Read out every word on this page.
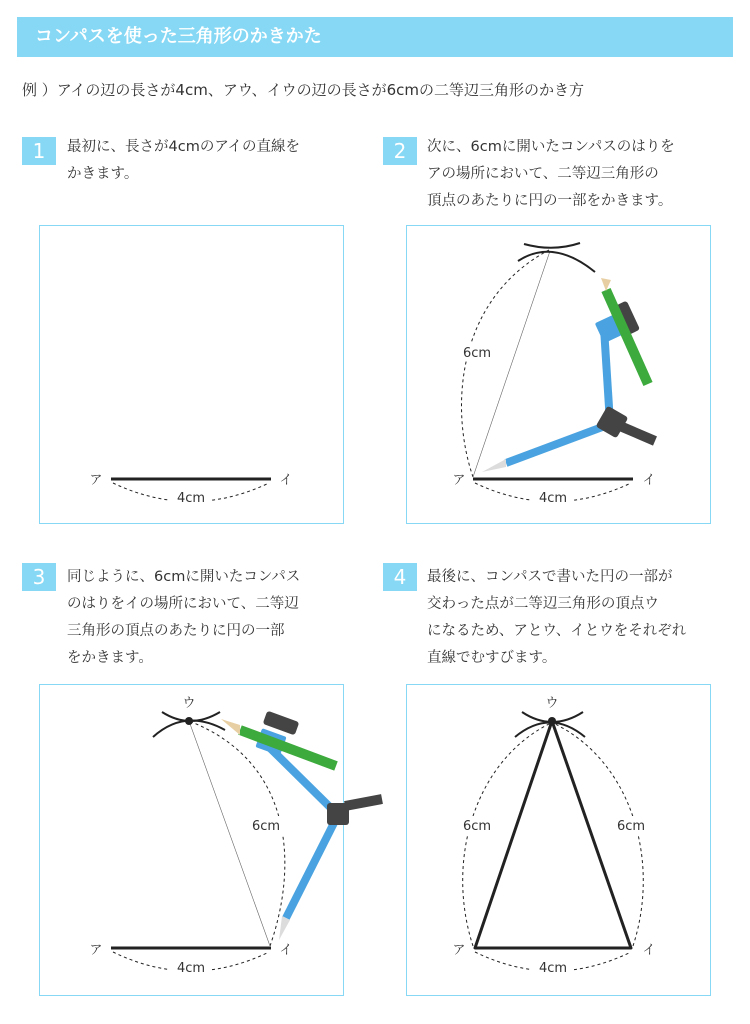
コンパスを使った三角形のかきかた
例 ）アイの辺の長さが4cm、アウ、イウの辺の長さが6cmの二等辺三角形のかき方
1	最初に、長さが4cmのアイの直線を
かきます。
2	次に、6cmに開いたコンパスのはりを
アの場所において、二等辺三角形の
頂点のあたりに円の一部をかきます。
3	同じように、6cmに開いたコンパス
のはりをイの場所において、二等辺
三角形の頂点のあたりに円の一部
をかきます。
4	最後に、コンパスで書いた円の一部が
交わった点が二等辺三角形の頂点ウ
になるため、アとウ、イとウをそれぞれ
直線でむすびます。
4cm
ア	イ
4cm
ア	イ
6cm
4cm
ア	イ
6cm
ウ
4cm
ア	イ
6cm	6cm
ウ
